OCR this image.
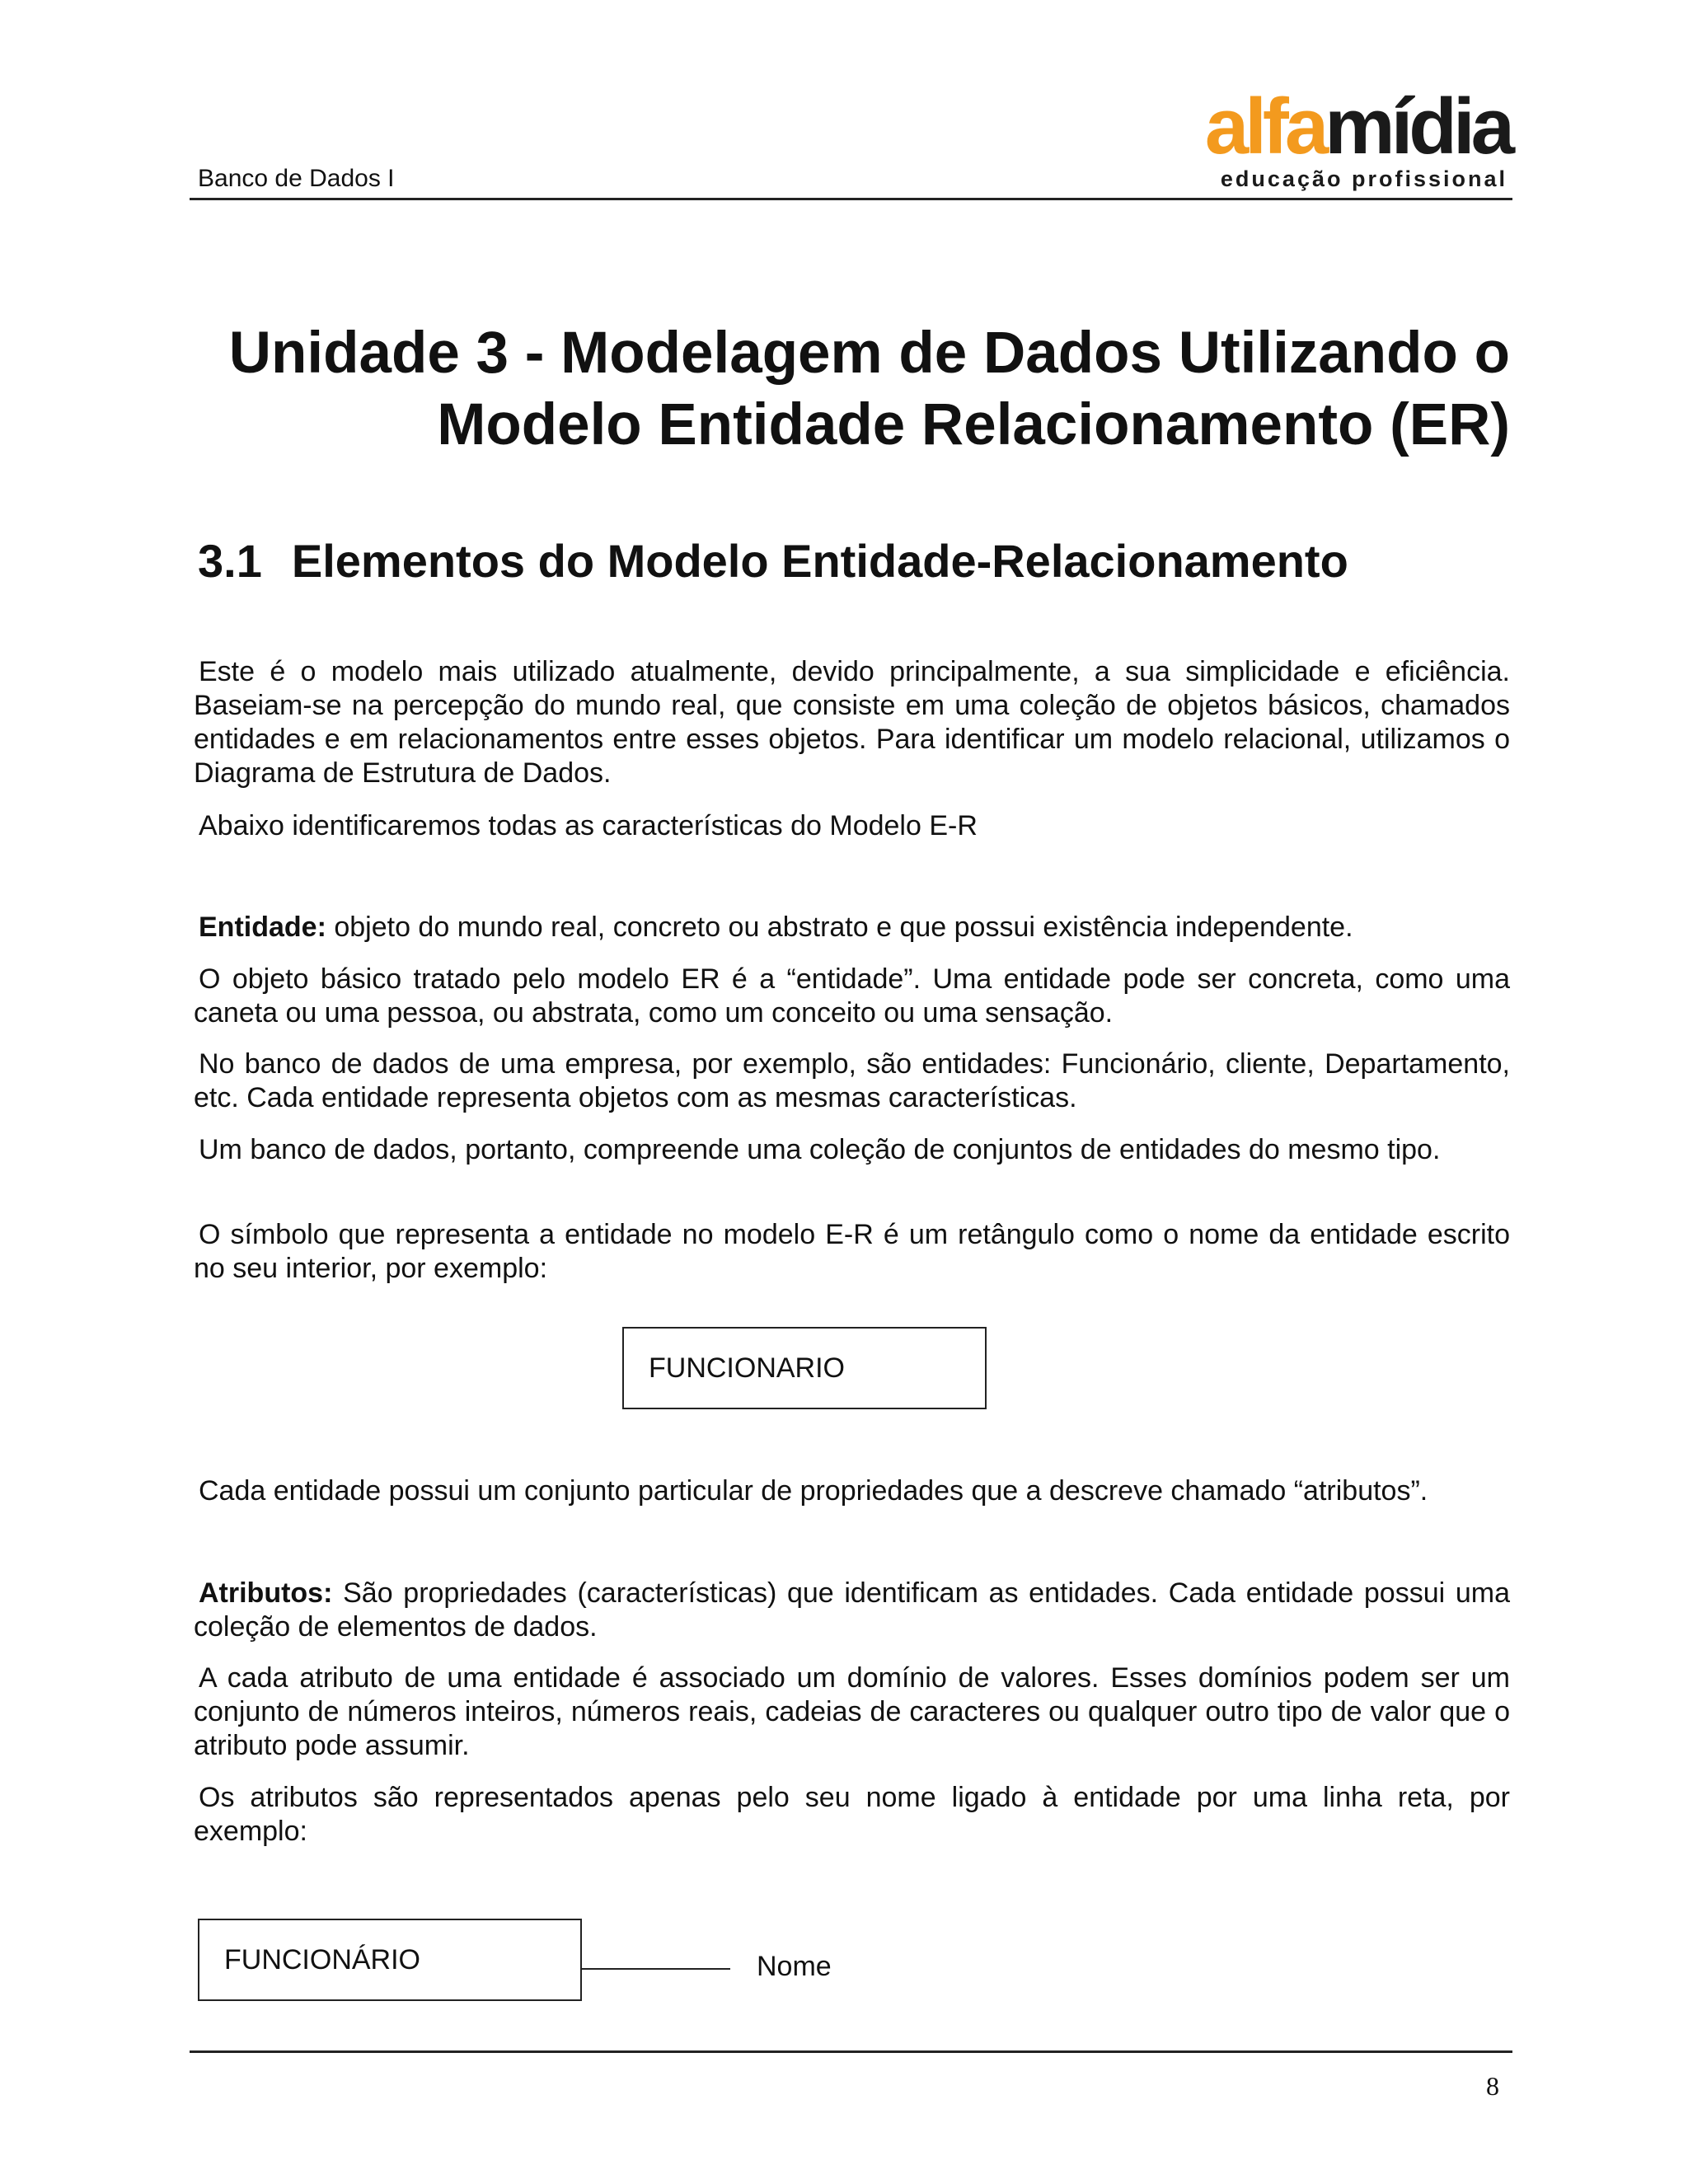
Banco de Dados I
alfamídia
educação profissional
Unidade 3 - Modelagem de Dados Utilizando o
Modelo Entidade Relacionamento (ER)
3.1 Elementos do Modelo Entidade-Relacionamento

Este é o modelo mais utilizado atualmente, devido principalmente, a sua simplicidade e eficiência. Baseiam-se na percepção do mundo real, que consiste em uma coleção de objetos básicos, chamados entidades e em relacionamentos entre esses objetos. Para identificar um modelo relacional, utilizamos o Diagrama de Estrutura de Dados.

Abaixo identificaremos todas as características do Modelo E-R

Entidade: objeto do mundo real, concreto ou abstrato e que possui existência independente.

O objeto básico tratado pelo modelo ER é a “entidade”. Uma entidade pode ser concreta, como uma caneta ou uma pessoa, ou abstrata, como um conceito ou uma sensação.

No banco de dados de uma empresa, por exemplo, são entidades: Funcionário, cliente, Departamento, etc. Cada entidade representa objetos com as mesmas características.

Um banco de dados, portanto, compreende uma coleção de conjuntos de entidades do mesmo tipo.

O símbolo que representa a entidade no modelo E-R é um retângulo como o nome da entidade escrito no seu interior, por exemplo:

FUNCIONARIO

Cada entidade possui um conjunto particular de propriedades que a descreve chamado “atributos”.

Atributos: São propriedades (características) que identificam as entidades. Cada entidade possui uma coleção de elementos de dados.

A cada atributo de uma entidade é associado um domínio de valores. Esses domínios podem ser um conjunto de números inteiros, números reais, cadeias de caracteres ou qualquer outro tipo de valor que o atributo pode assumir.

Os atributos são representados apenas pelo seu nome ligado à entidade por uma linha reta, por exemplo:

FUNCIONÁRIO	Nome
8
